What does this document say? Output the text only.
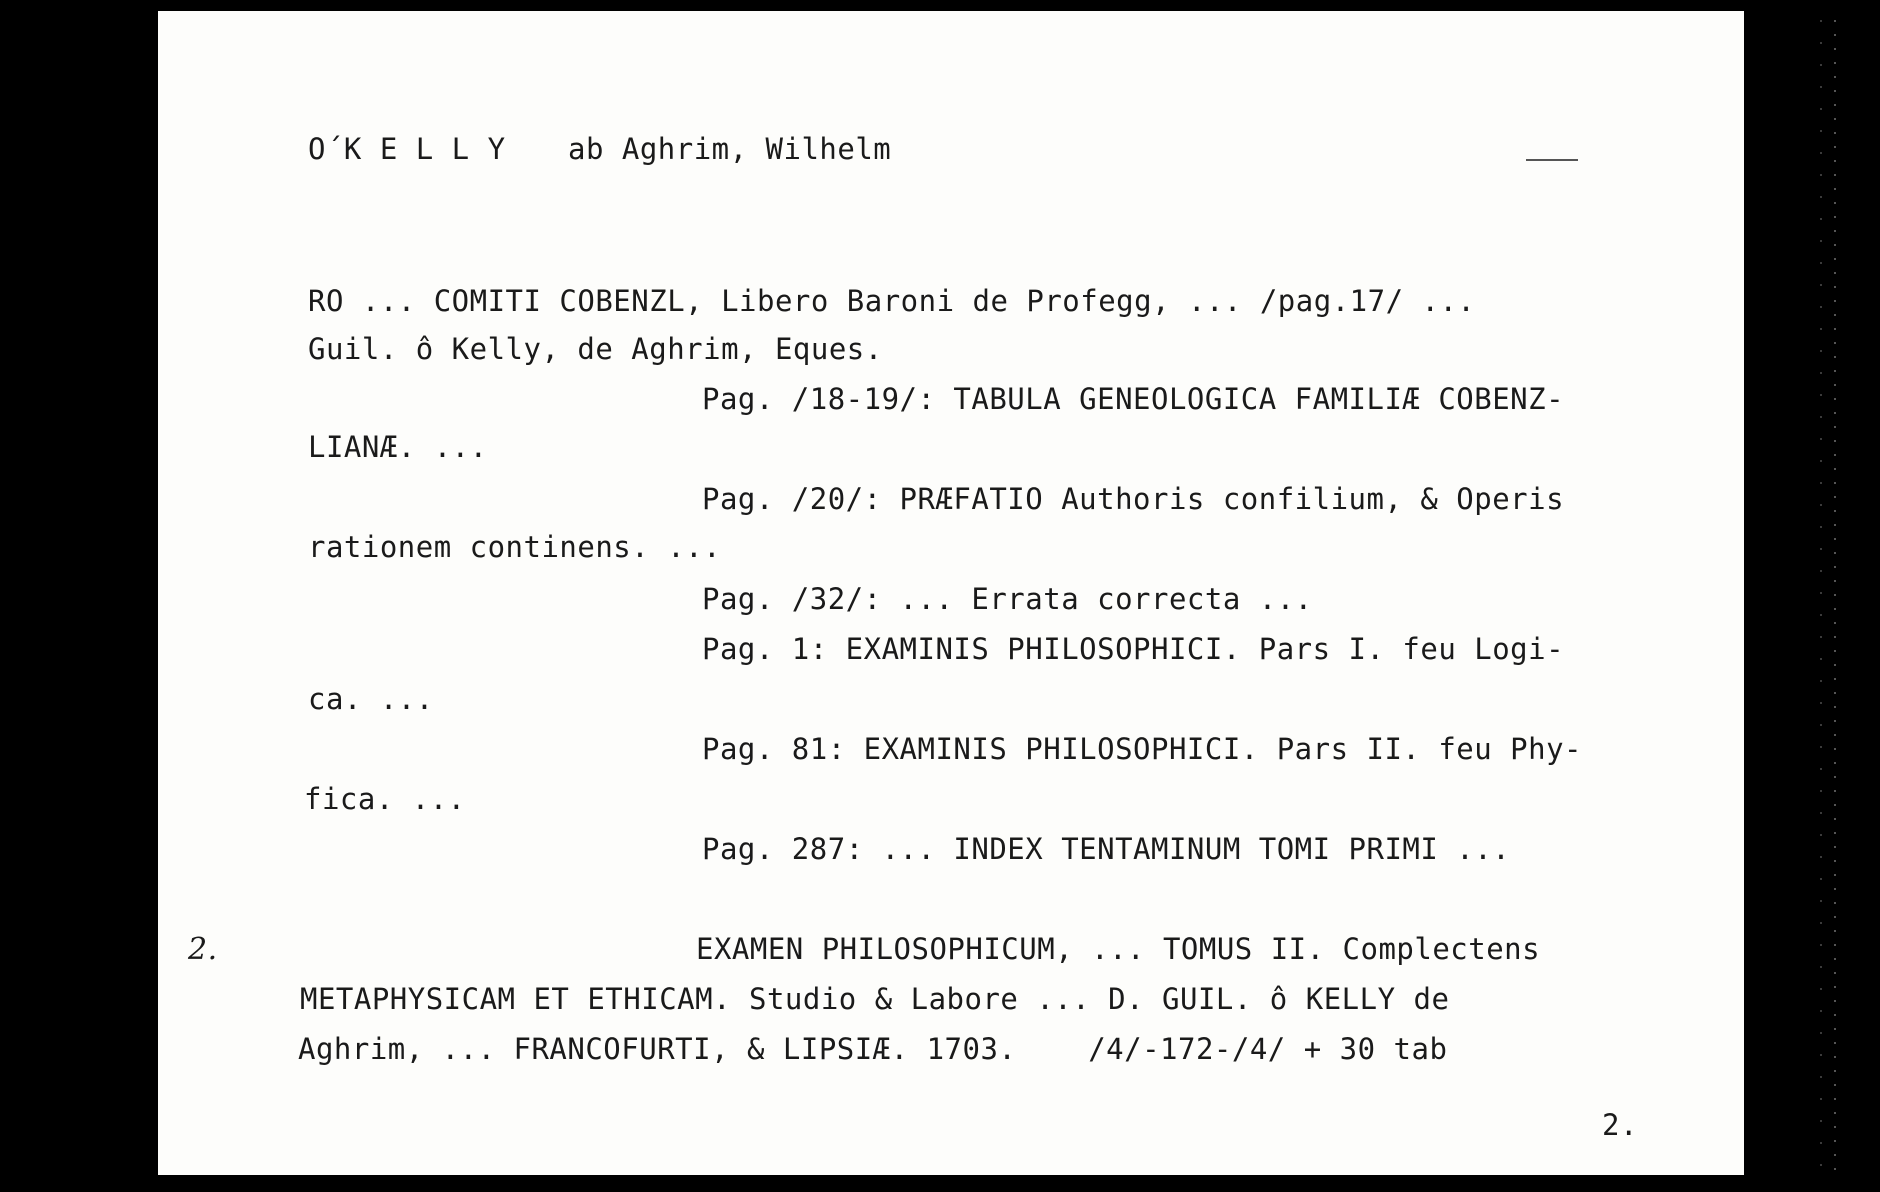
O´K E L L Y ab Aghrim, Wilhelm
RO ... COMITI COBENZL, Libero Baroni de Profegg, ... /pag.17/ ...
Guil. ô Kelly, de Aghrim, Eques.
Pag. /18-19/: TABULA GENEOLOGICA FAMILIÆ COBENZ-
LIANÆ. ...
Pag. /20/: PRÆFATIO Authoris confilium, & Operis
rationem continens. ...
Pag. /32/: ... Errata correcta ...
Pag. 1: EXAMINIS PHILOSOPHICI. Pars I. feu Logi-
ca. ...
Pag. 81: EXAMINIS PHILOSOPHICI. Pars II. feu Phy-
fica. ...
Pag. 287: ... INDEX TENTAMINUM TOMI PRIMI ...
2.	EXAMEN PHILOSOPHICUM, ... TOMUS II. Complectens
METAPHYSICAM ET ETHICAM. Studio & Labore ... D. GUIL. ô KELLY de
Aghrim, ... FRANCOFURTI, & LIPSIÆ. 1703.    /4/-172-/4/ + 30 tab
2.
